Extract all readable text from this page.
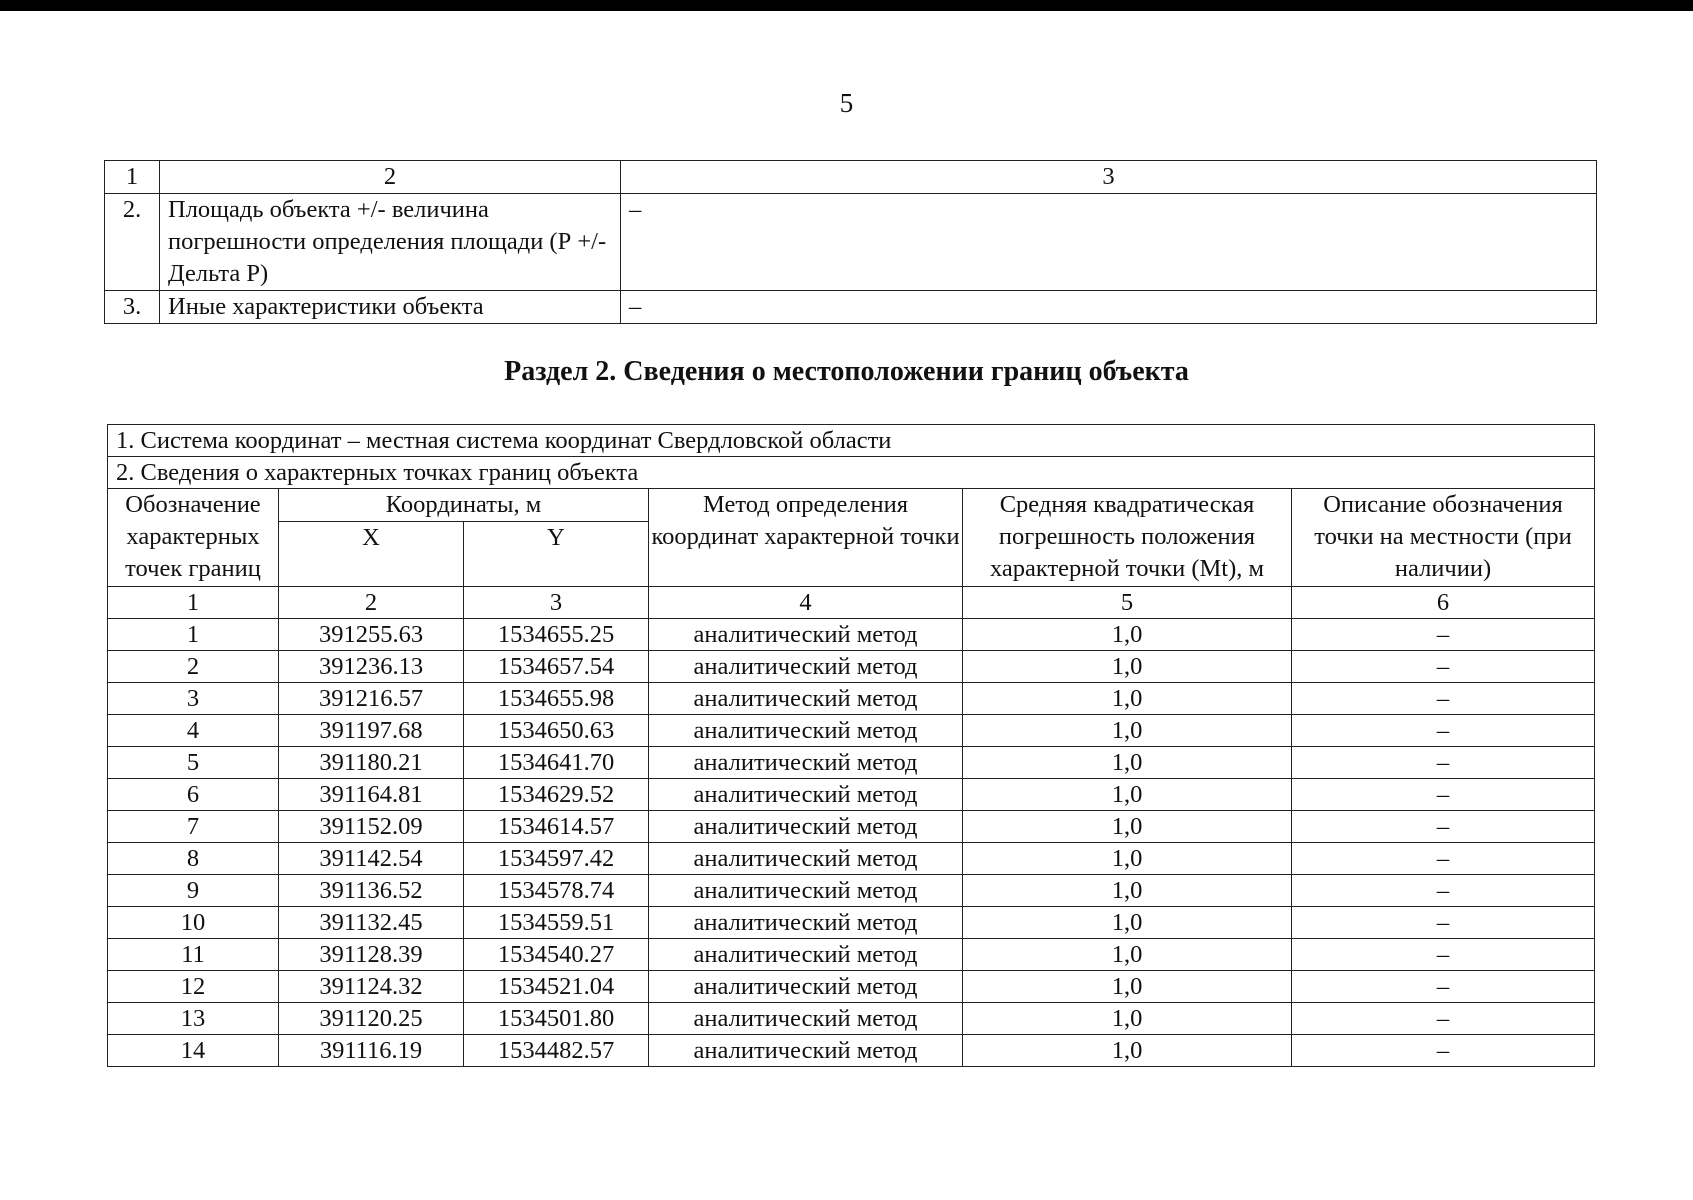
5
1	2	3
2.	Площадь объекта +/- величина погрешности определения площади (Р +/- Дельта Р)	–
3.	Иные характеристики объекта	–
Раздел 2. Сведения о местоположении границ объекта
1. Система координат – местная система координат Свердловской области					
2. Сведения о характерных точках границ объекта					
Обозначение характерных точек границ	Координаты, м		Метод определения координат характерной точки	Средняя квадратическая погрешность положения характерной точки (Mt), м	Описание обозначения точки на местности (при наличии)
	X	Y			
1	2	3	4	5	6
1	391255.63	1534655.25	аналитический метод	1,0	–
2	391236.13	1534657.54	аналитический метод	1,0	–
3	391216.57	1534655.98	аналитический метод	1,0	–
4	391197.68	1534650.63	аналитический метод	1,0	–
5	391180.21	1534641.70	аналитический метод	1,0	–
6	391164.81	1534629.52	аналитический метод	1,0	–
7	391152.09	1534614.57	аналитический метод	1,0	–
8	391142.54	1534597.42	аналитический метод	1,0	–
9	391136.52	1534578.74	аналитический метод	1,0	–
10	391132.45	1534559.51	аналитический метод	1,0	–
11	391128.39	1534540.27	аналитический метод	1,0	–
12	391124.32	1534521.04	аналитический метод	1,0	–
13	391120.25	1534501.80	аналитический метод	1,0	–
14	391116.19	1534482.57	аналитический метод	1,0	–
